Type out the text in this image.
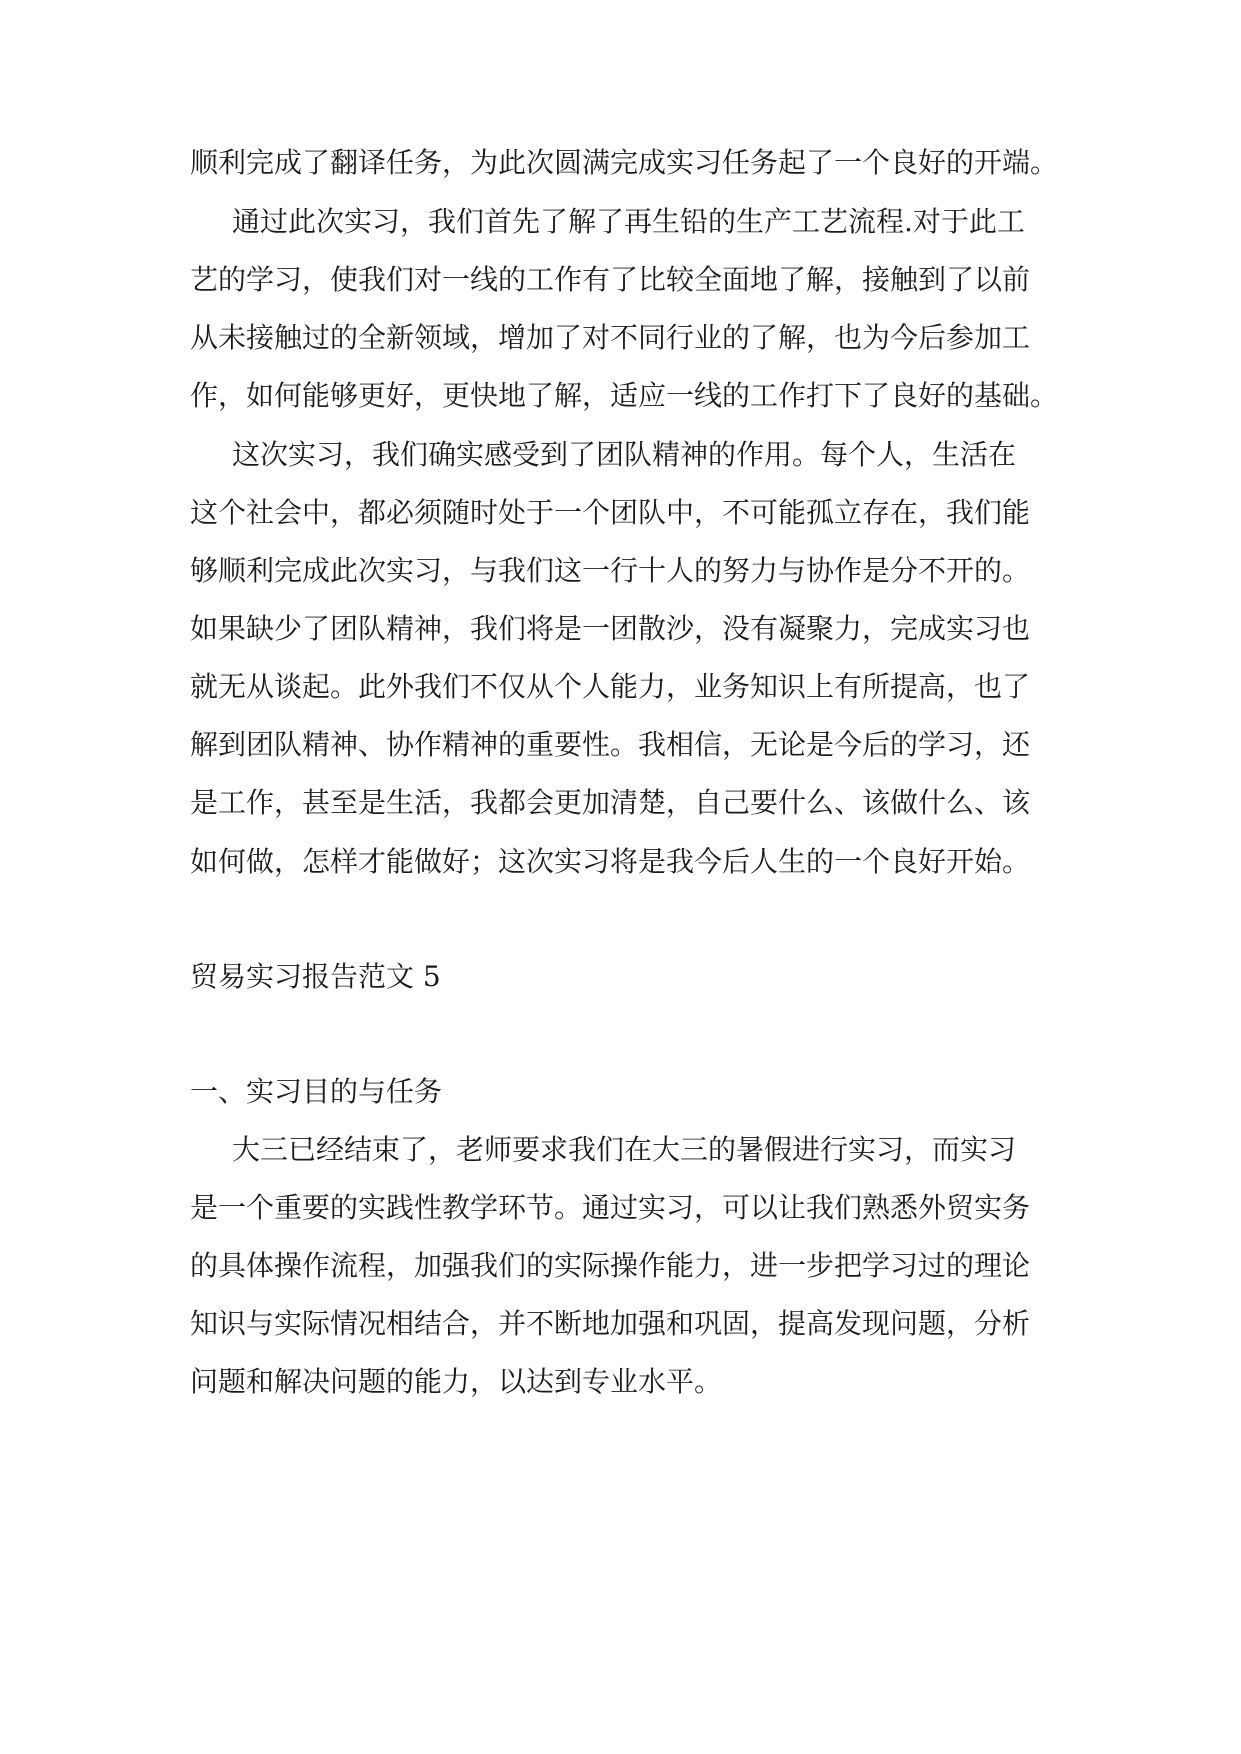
顺利完成了翻译任务，为此次圆满完成实习任务起了一个良好的开端。
通过此次实习，我们首先了解了再生铅的生产工艺流程.对于此工
艺的学习，使我们对一线的工作有了比较全面地了解，接触到了以前
从未接触过的全新领域，增加了对不同行业的了解，也为今后参加工
作，如何能够更好，更快地了解，适应一线的工作打下了良好的基础。
这次实习，我们确实感受到了团队精神的作用。每个人，生活在
这个社会中，都必须随时处于一个团队中，不可能孤立存在，我们能
够顺利完成此次实习，与我们这一行十人的努力与协作是分不开的。
如果缺少了团队精神，我们将是一团散沙，没有凝聚力，完成实习也
就无从谈起。此外我们不仅从个人能力，业务知识上有所提高，也了
解到团队精神、协作精神的重要性。我相信，无论是今后的学习，还
是工作，甚至是生活，我都会更加清楚，自己要什么、该做什么、该
如何做，怎样才能做好；这次实习将是我今后人生的一个良好开始。
贸易实习报告范文 5
一、实习目的与任务
大三已经结束了，老师要求我们在大三的暑假进行实习，而实习
是一个重要的实践性教学环节。通过实习，可以让我们熟悉外贸实务
的具体操作流程，加强我们的实际操作能力，进一步把学习过的理论
知识与实际情况相结合，并不断地加强和巩固，提高发现问题，分析
问题和解决问题的能力，以达到专业水平。
